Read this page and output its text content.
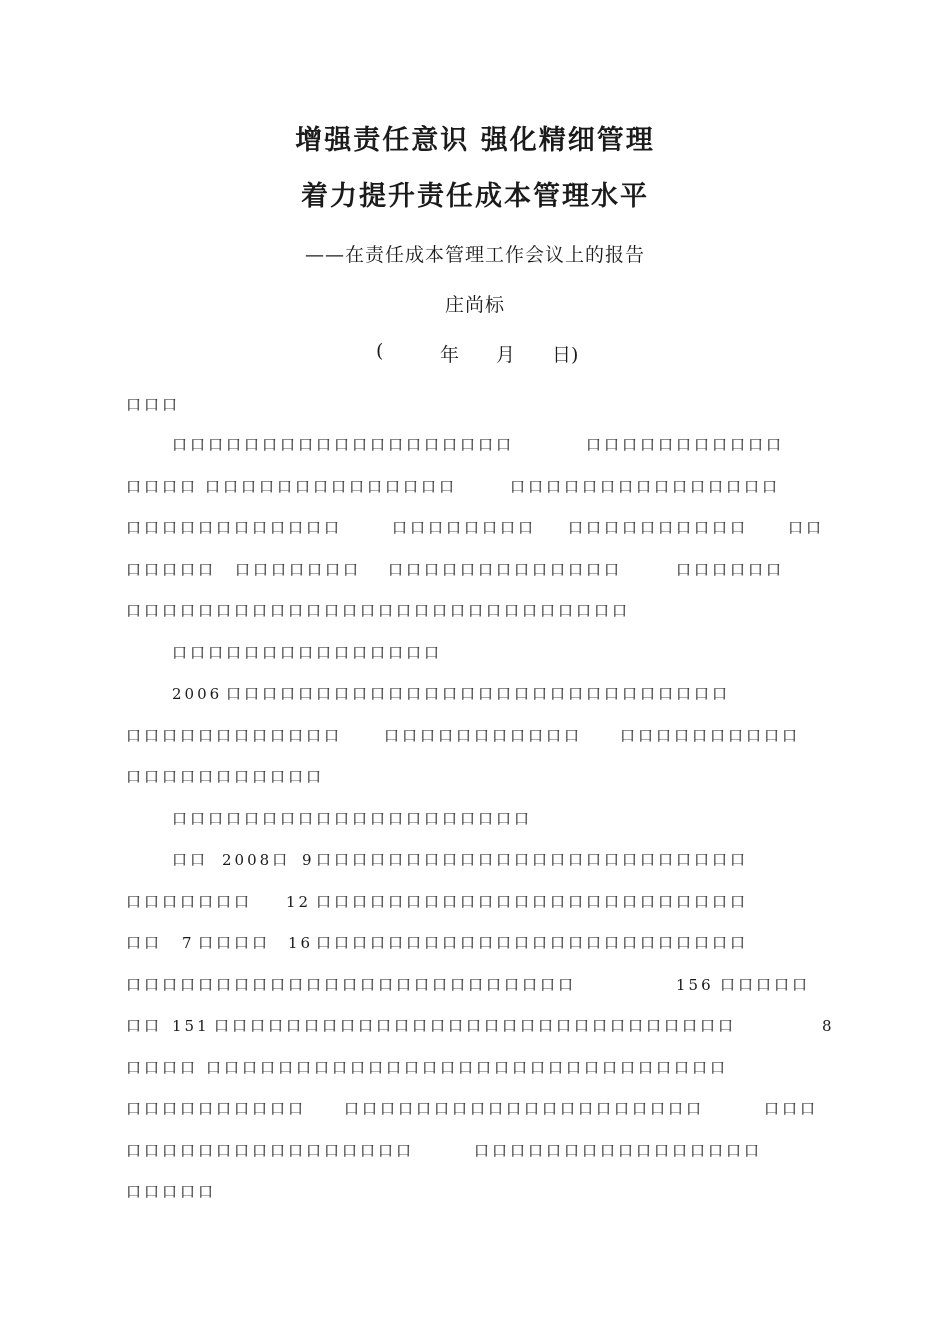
增强责任意识 强化精细管理
着力提升责任成本管理水平
——在责任成本管理工作会议上的报告
庄尚标
(	年 月 日)
口口口
口口口口口口口口口口口口口口口口口口口	口口口口口口口口口口口
口口口口 口口口口口口口口口口口口口口	口口口口口口口口口口口口口口口
口口口口口口口口口口口口	口口口口口口口口 口口口口口口口口口口	口口
口口口口口 口口口口口口口 口口口口口口口口口口口口口	口口口口口口
口口口口口口口口口口口口口口口口口口口口口口口口口口口口
口口口口口口口口口口口口口口口
2006 口口口口口口口口口口口口口口口口口口口口口口口口口口口口
口口口口口口口口口口口口	口口口口口口口口口口口	口口口口口口口口口口
口口口口口口口口口口口
口口口口口口口口口口口口口口口口口口口口
口口 2008口 9 口口口口口口口口口口口口口口口口口口口口口口口口
口口口口口口口 12 口口口口口口口口口口口口口口口口口口口口口口口口
口口 7 口口口口 16 口口口口口口口口口口口口口口口口口口口口口口口口
口口口口口口口口口口口口口口口口口口口口口口口口口	156 口口口口口
口口 151 口口口口口口口口口口口口口口口口口口口口口口口口口口口口口	8
口口口口 口口口口口口口口口口口口口口口口口口口口口口口口口口口口口
口口口口口口口口口口	口口口口口口口口口口口口口口口口口口口口	口口口
口口口口口口口口口口口口口口口口	口口口口口口口口口口口口口口口口
口口口口口
